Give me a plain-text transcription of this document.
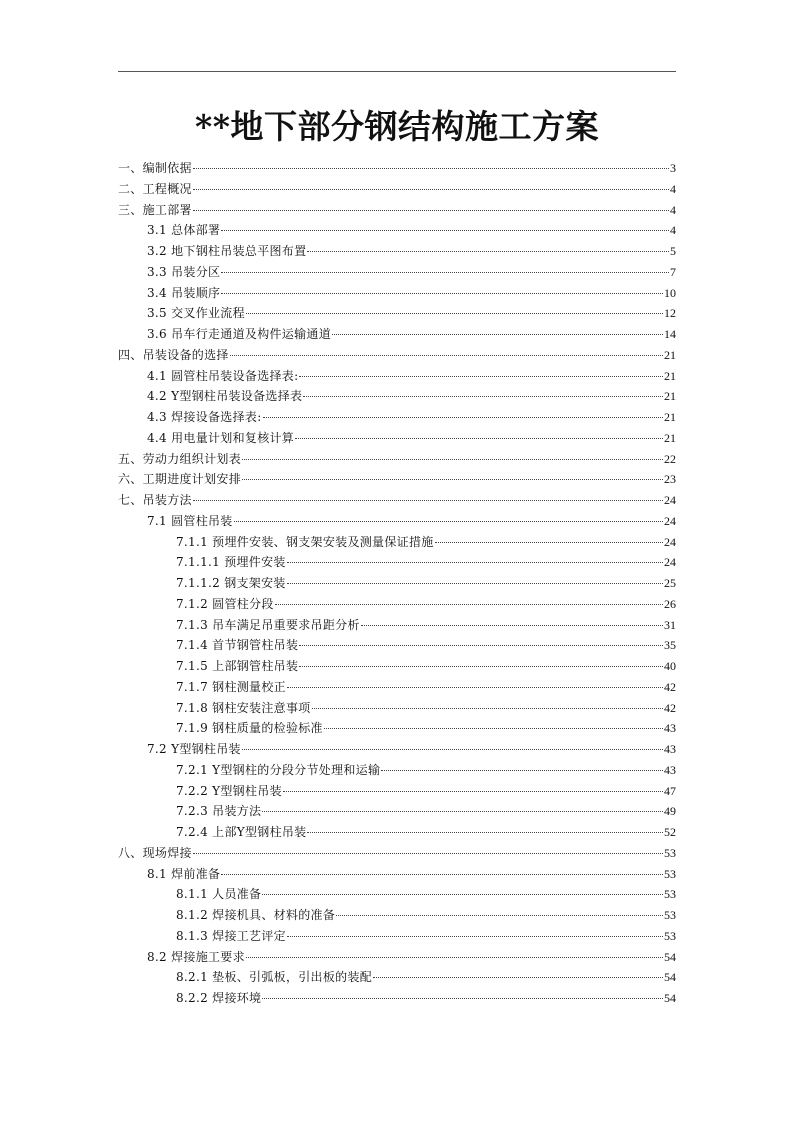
**地下部分钢结构施工方案
一、编制依据	3
二、工程概况	4
三、施工部署	4
3.1 总体部署	4
3.2 地下钢柱吊装总平图布置	5
3.3 吊装分区	7
3.4 吊装顺序	10
3.5 交叉作业流程	12
3.6 吊车行走通道及构件运输通道	14
四、吊装设备的选择	21
4.1 圆管柱吊装设备选择表:	21
4.2 Y型钢柱吊装设备选择表	21
4.3 焊接设备选择表:	21
4.4 用电量计划和复核计算	21
五、劳动力组织计划表	22
六、工期进度计划安排	23
七、吊装方法	24
7.1 圆管柱吊装	24
7.1.1 预埋件安装、钢支架安装及测量保证措施	24
7.1.1.1 预埋件安装	24
7.1.1.2 钢支架安装	25
7.1.2 圆管柱分段	26
7.1.3 吊车满足吊重要求吊距分析	31
7.1.4 首节钢管柱吊装	35
7.1.5 上部钢管柱吊装	40
7.1.7 钢柱测量校正	42
7.1.8 钢柱安装注意事项	42
7.1.9 钢柱质量的检验标准	43
7.2 Y型钢柱吊装	43
7.2.1 Y型钢柱的分段分节处理和运输	43
7.2.2 Y型钢柱吊装	47
7.2.3 吊装方法	49
7.2.4 上部Y型钢柱吊装	52
八、现场焊接	53
8.1 焊前准备	53
8.1.1 人员准备	53
8.1.2 焊接机具、材料的准备	53
8.1.3 焊接工艺评定	53
8.2 焊接施工要求	54
8.2.1 垫板、引弧板，引出板的装配	54
8.2.2 焊接环境	54
